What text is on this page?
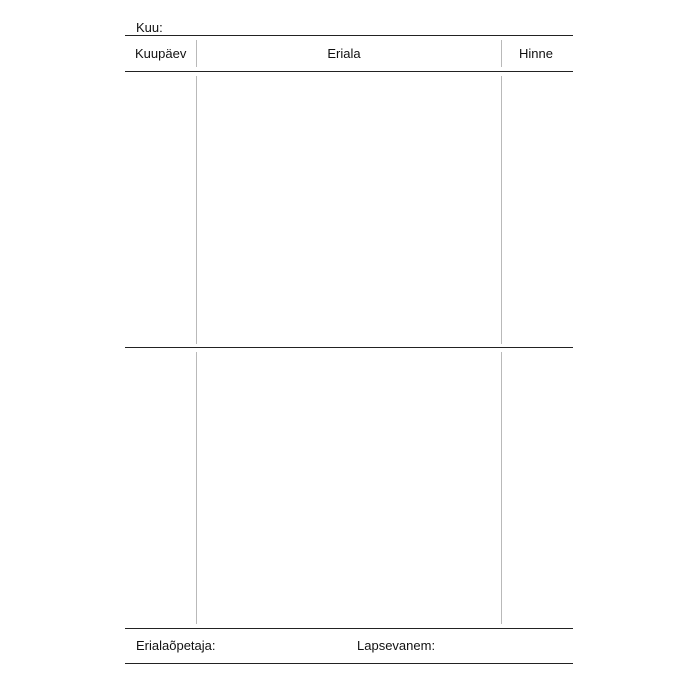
Kuu:
Kuupäev	Eriala	Hinne
Erialaõpetaja:	Lapsevanem:
